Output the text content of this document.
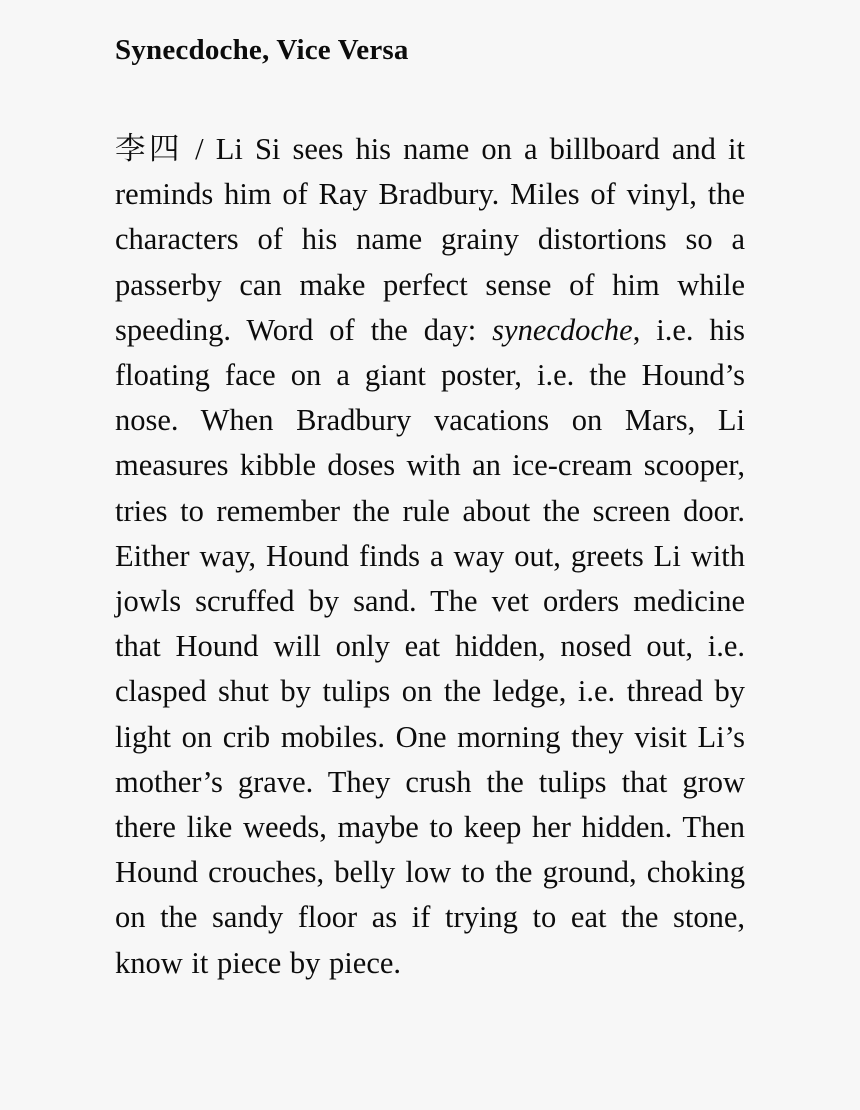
Synecdoche, Vice Versa

李四 / Li Si sees his name on a billboard and it reminds him of Ray Bradbury. Miles of vinyl, the characters of his name grainy distortions so a passerby can make perfect sense of him while speeding. Word of the day: synecdoche, i.e. his floating face on a giant poster, i.e. the Hound’s nose. When Bradbury vacations on Mars, Li measures kibble doses with an ice-cream scooper, tries to remember the rule about the screen door. Either way, Hound finds a way out, greets Li with jowls scruffed by sand. The vet orders medicine that Hound will only eat hidden, nosed out, i.e. clasped shut by tulips on the ledge, i.e. thread by light on crib mobiles. One morning they visit Li’s mother’s grave. They crush the tulips that grow there like weeds, maybe to keep her hidden. Then Hound crouches, belly low to the ground, choking on the sandy floor as if trying to eat the stone, know it piece by piece.
